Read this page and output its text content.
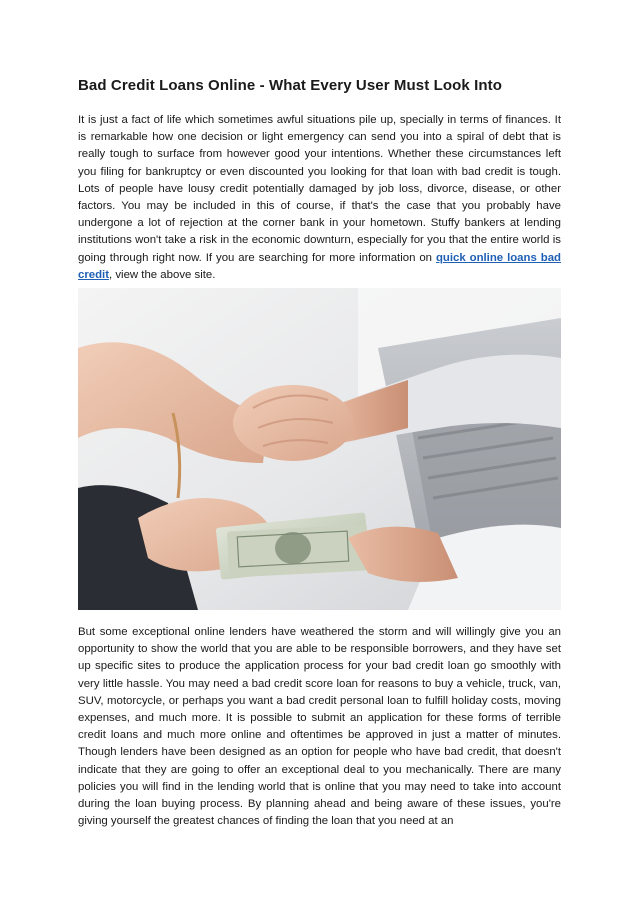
Bad Credit Loans Online - What Every User Must Look Into

It is just a fact of life which sometimes awful situations pile up, specially in terms of finances. It is remarkable how one decision or light emergency can send you into a spiral of debt that is really tough to surface from however good your intentions. Whether these circumstances left you filing for bankruptcy or even discounted you looking for that loan with bad credit is tough. Lots of people have lousy credit potentially damaged by job loss, divorce, disease, or other factors. You may be included in this of course, if that's the case that you probably have undergone a lot of rejection at the corner bank in your hometown. Stuffy bankers at lending institutions won't take a risk in the economic downturn, especially for you that the entire world is going through right now. If you are searching for more information on quick online loans bad credit, view the above site.

But some exceptional online lenders have weathered the storm and will willingly give you an opportunity to show the world that you are able to be responsible borrowers, and they have set up specific sites to produce the application process for your bad credit loan go smoothly with very little hassle. You may need a bad credit score loan for reasons to buy a vehicle, truck, van, SUV, motorcycle, or perhaps you want a bad credit personal loan to fulfill holiday costs, moving expenses, and much more. It is possible to submit an application for these forms of terrible credit loans and much more online and oftentimes be approved in just a matter of minutes. Though lenders have been designed as an option for people who have bad credit, that doesn't indicate that they are going to offer an exceptional deal to you mechanically. There are many policies you will find in the lending world that is online that you may need to take into account during the loan buying process. By planning ahead and being aware of these issues, you're giving yourself the greatest chances of finding the loan that you need at an
